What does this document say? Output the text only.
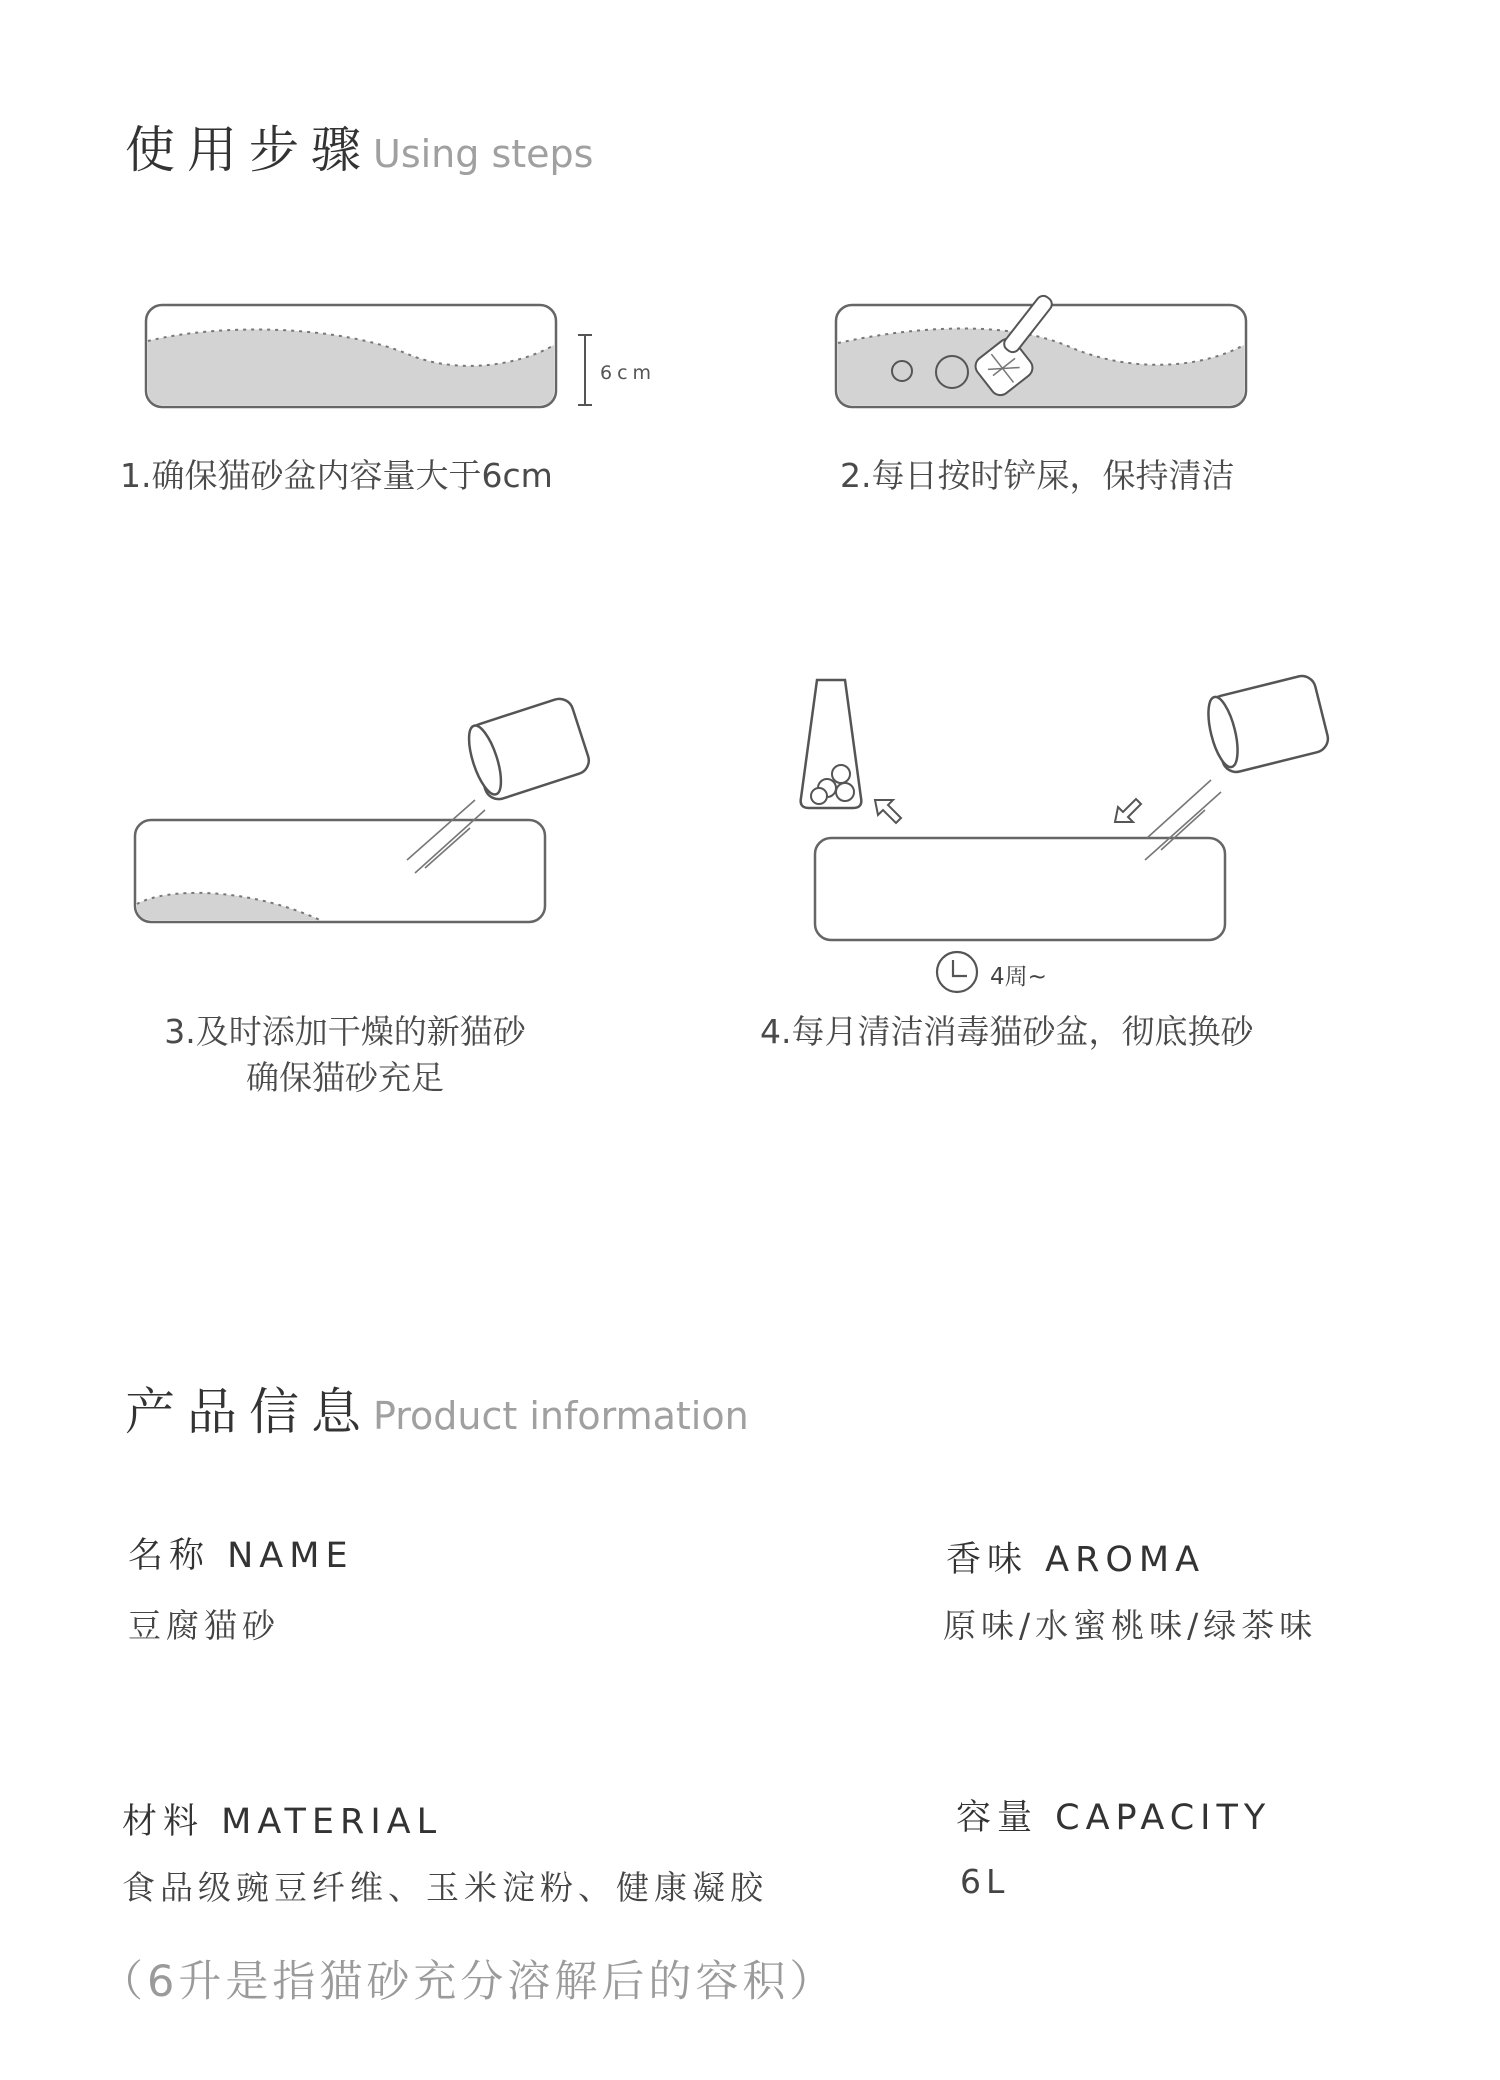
使用步骤 Using steps
6cm
1.确保猫砂盆内容量大于6cm	2.每日按时铲屎，保持清洁
3.及时添加干燥的新猫砂
确保猫砂充足
4周~
4.每月清洁消毒猫砂盆，彻底换砂
产品信息 Product information
名称 NAME
豆腐猫砂
香味 AROMA
原味/水蜜桃味/绿茶味
材料 MATERIAL
食品级豌豆纤维、玉米淀粉、健康凝胶
容量 CAPACITY
6L
（6升是指猫砂充分溶解后的容积）
